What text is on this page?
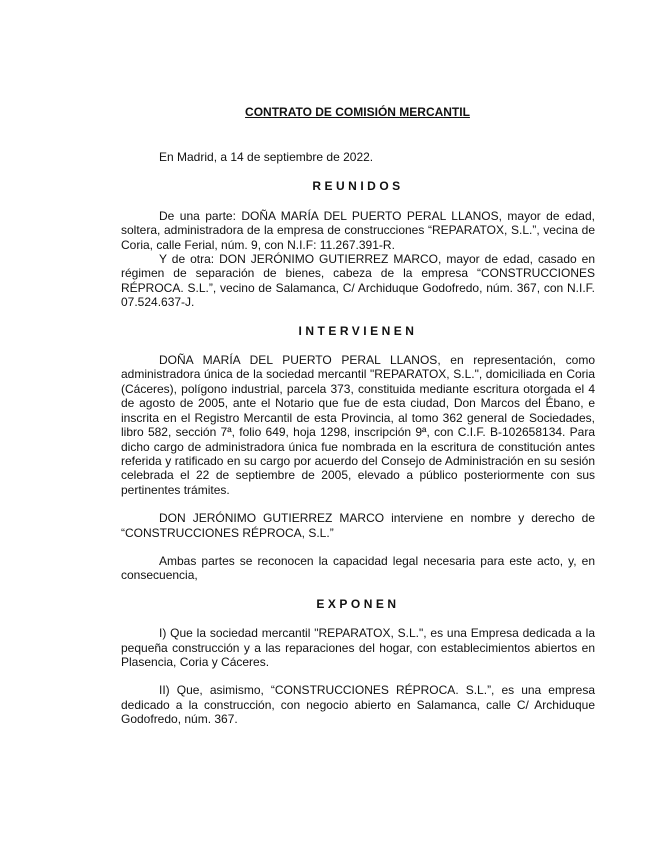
CONTRATO DE COMISIÓN MERCANTIL

En Madrid, a 14 de septiembre de 2022.

REUNIDOS

De una parte: DOÑA MARÍA DEL PUERTO PERAL LLANOS, mayor de edad, soltera, administradora de la empresa de construcciones “REPARATOX, S.L.”, vecina de Coria, calle Ferial, núm. 9, con N.I.F: 11.267.391-R.

Y de otra: DON JERÓNIMO GUTIERREZ MARCO, mayor de edad, casado en régimen de separación de bienes, cabeza de la empresa “CONSTRUCCIONES RÉPROCA. S.L.”, vecino de Salamanca, C/ Archiduque Godofredo, núm. 367, con N.I.F. 07.524.637-J.

INTERVIENEN

DOÑA MARÍA DEL PUERTO PERAL LLANOS, en representación, como administradora única de la sociedad mercantil "REPARATOX, S.L.", domiciliada en Coria (Cáceres), polígono industrial, parcela 373, constituida mediante escritura otorgada el 4 de agosto de 2005, ante el Notario que fue de esta ciudad, Don Marcos del Ébano, e inscrita en el Registro Mercantil de esta Provincia, al tomo 362 general de Sociedades, libro 582, sección 7ª, folio 649, hoja 1298, inscripción 9ª, con C.I.F. B-102658134. Para dicho cargo de administradora única fue nombrada en la escritura de constitución antes referida y ratificado en su cargo por acuerdo del Consejo de Administración en su sesión celebrada el 22 de septiembre de 2005, elevado a público posteriormente con sus pertinentes trámites.

DON JERÓNIMO GUTIERREZ MARCO interviene en nombre y derecho de “CONSTRUCCIONES RÉPROCA, S.L.”

Ambas partes se reconocen la capacidad legal necesaria para este acto, y, en consecuencia,

EXPONEN

I) Que la sociedad mercantil "REPARATOX, S.L.", es una Empresa dedicada a la pequeña construcción y a las reparaciones del hogar, con establecimientos abiertos en Plasencia, Coria y Cáceres.

II) Que, asimismo, “CONSTRUCCIONES RÉPROCA. S.L.”, es una empresa dedicado a la construcción, con negocio abierto en Salamanca, calle C/ Archiduque Godofredo, núm. 367.
